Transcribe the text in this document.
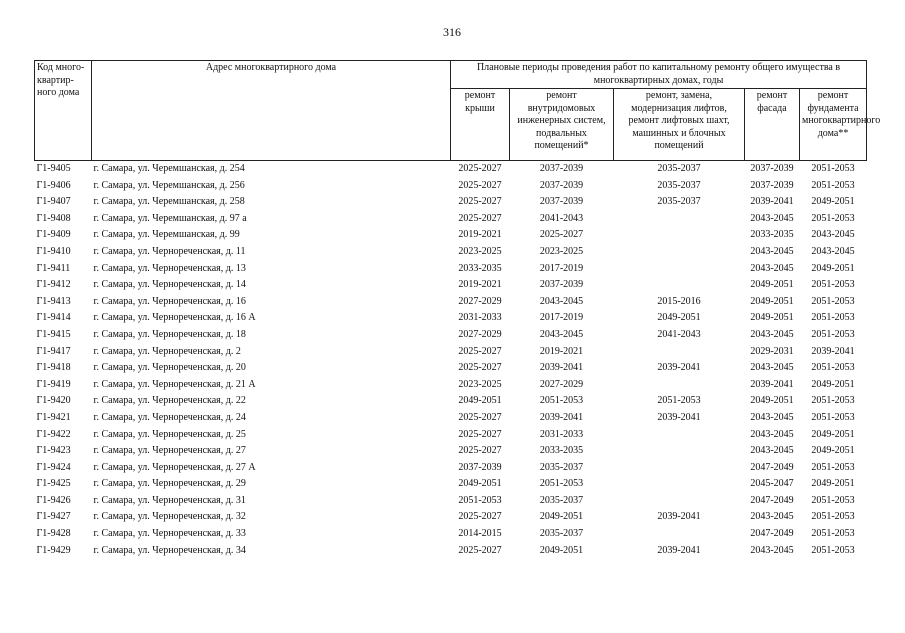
316
Код много-квартир-ного дома	Адрес многоквартирного дома	Плановые периоды проведения работ по капитальному ремонту общего имущества в многоквартирных домах, годы				
		ремонт крыши	ремонт внутридомовых инженерных систем, подвальных помещений*	ремонт, замена, модернизация лифтов, ремонт лифтовых шахт, машинных и блочных помещений	ремонт фасада	ремонт фундамента многоквартирного дома**
Г1-9405	г. Самара, ул. Черемшанская, д. 254	2025-2027	2037-2039	2035-2037	2037-2039	2051-2053
Г1-9406	г. Самара, ул. Черемшанская, д. 256	2025-2027	2037-2039	2035-2037	2037-2039	2051-2053
Г1-9407	г. Самара, ул. Черемшанская, д. 258	2025-2027	2037-2039	2035-2037	2039-2041	2049-2051
Г1-9408	г. Самара, ул. Черемшанская, д. 97 а	2025-2027	2041-2043		2043-2045	2051-2053
Г1-9409	г. Самара, ул. Черемшанская, д. 99	2019-2021	2025-2027		2033-2035	2043-2045
Г1-9410	г. Самара, ул. Чернореченская, д. 11	2023-2025	2023-2025		2043-2045	2043-2045
Г1-9411	г. Самара, ул. Чернореченская, д. 13	2033-2035	2017-2019		2043-2045	2049-2051
Г1-9412	г. Самара, ул. Чернореченская, д. 14	2019-2021	2037-2039		2049-2051	2051-2053
Г1-9413	г. Самара, ул. Чернореченская, д. 16	2027-2029	2043-2045	2015-2016	2049-2051	2051-2053
Г1-9414	г. Самара, ул. Чернореченская, д. 16 А	2031-2033	2017-2019	2049-2051	2049-2051	2051-2053
Г1-9415	г. Самара, ул. Чернореченская, д. 18	2027-2029	2043-2045	2041-2043	2043-2045	2051-2053
Г1-9417	г. Самара, ул. Чернореченская, д. 2	2025-2027	2019-2021		2029-2031	2039-2041
Г1-9418	г. Самара, ул. Чернореченская, д. 20	2025-2027	2039-2041	2039-2041	2043-2045	2051-2053
Г1-9419	г. Самара, ул. Чернореченская, д. 21 А	2023-2025	2027-2029		2039-2041	2049-2051
Г1-9420	г. Самара, ул. Чернореченская, д. 22	2049-2051	2051-2053	2051-2053	2049-2051	2051-2053
Г1-9421	г. Самара, ул. Чернореченская, д. 24	2025-2027	2039-2041	2039-2041	2043-2045	2051-2053
Г1-9422	г. Самара, ул. Чернореченская, д. 25	2025-2027	2031-2033		2043-2045	2049-2051
Г1-9423	г. Самара, ул. Чернореченская, д. 27	2025-2027	2033-2035		2043-2045	2049-2051
Г1-9424	г. Самара, ул. Чернореченская, д. 27 А	2037-2039	2035-2037		2047-2049	2051-2053
Г1-9425	г. Самара, ул. Чернореченская, д. 29	2049-2051	2051-2053		2045-2047	2049-2051
Г1-9426	г. Самара, ул. Чернореченская, д. 31	2051-2053	2035-2037		2047-2049	2051-2053
Г1-9427	г. Самара, ул. Чернореченская, д. 32	2025-2027	2049-2051	2039-2041	2043-2045	2051-2053
Г1-9428	г. Самара, ул. Чернореченская, д. 33	2014-2015	2035-2037		2047-2049	2051-2053
Г1-9429	г. Самара, ул. Чернореченская, д. 34	2025-2027	2049-2051	2039-2041	2043-2045	2051-2053
